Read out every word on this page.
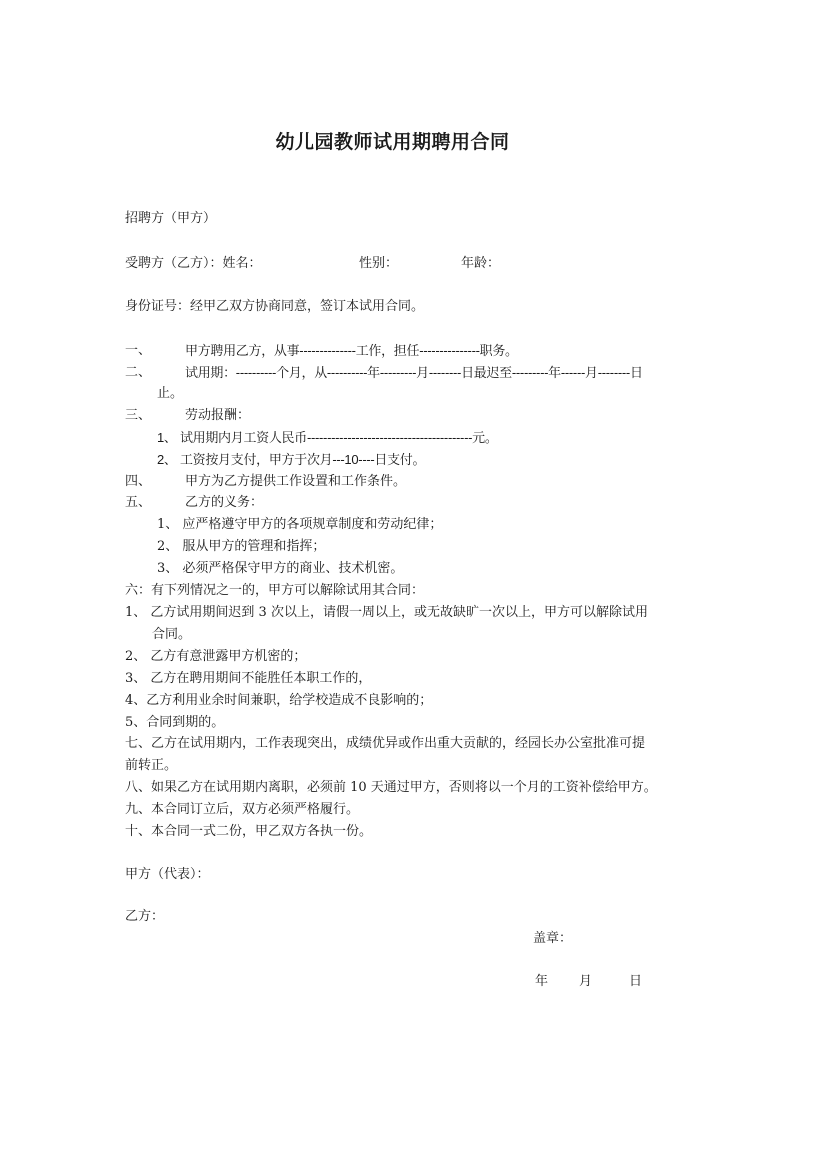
幼儿园教师试用期聘用合同
招聘方（甲方）
受聘方（乙方）：姓名：	性别：	年龄：
身份证号：经甲乙双方协商同意，签订本试用合同。
一、	甲方聘用乙方，从事--------------工作，担任---------------职务。
二、	试用期：----------个月，从----------年---------月--------日最迟至---------年------月--------日
止。
三、	劳动报酬：
1、 试用期内月工资人民币-----------------------------------------元。
2、 工资按月支付，甲方于次月---10----日支付。
四、	甲方为乙方提供工作设置和工作条件。
五、	乙方的义务：
1、 应严格遵守甲方的各项规章制度和劳动纪律；
2、 服从甲方的管理和指挥；
3、 必须严格保守甲方的商业、技术机密。
六：有下列情况之一的，甲方可以解除试用其合同：
1、 乙方试用期间迟到 3 次以上，请假一周以上，或无故缺旷一次以上，甲方可以解除试用
合同。
2、 乙方有意泄露甲方机密的；
3、 乙方在聘用期间不能胜任本职工作的，
4、乙方利用业余时间兼职，给学校造成不良影响的；
5、合同到期的。
七、乙方在试用期内，工作表现突出，成绩优异或作出重大贡献的，经园长办公室批准可提
前转正。
八、如果乙方在试用期内离职，必须前 10 天通过甲方，否则将以一个月的工资补偿给甲方。
九、本合同订立后，双方必须严格履行。
十、本合同一式二份，甲乙双方各执一份。
甲方（代表）：
乙方：
盖章：
年 月	日
